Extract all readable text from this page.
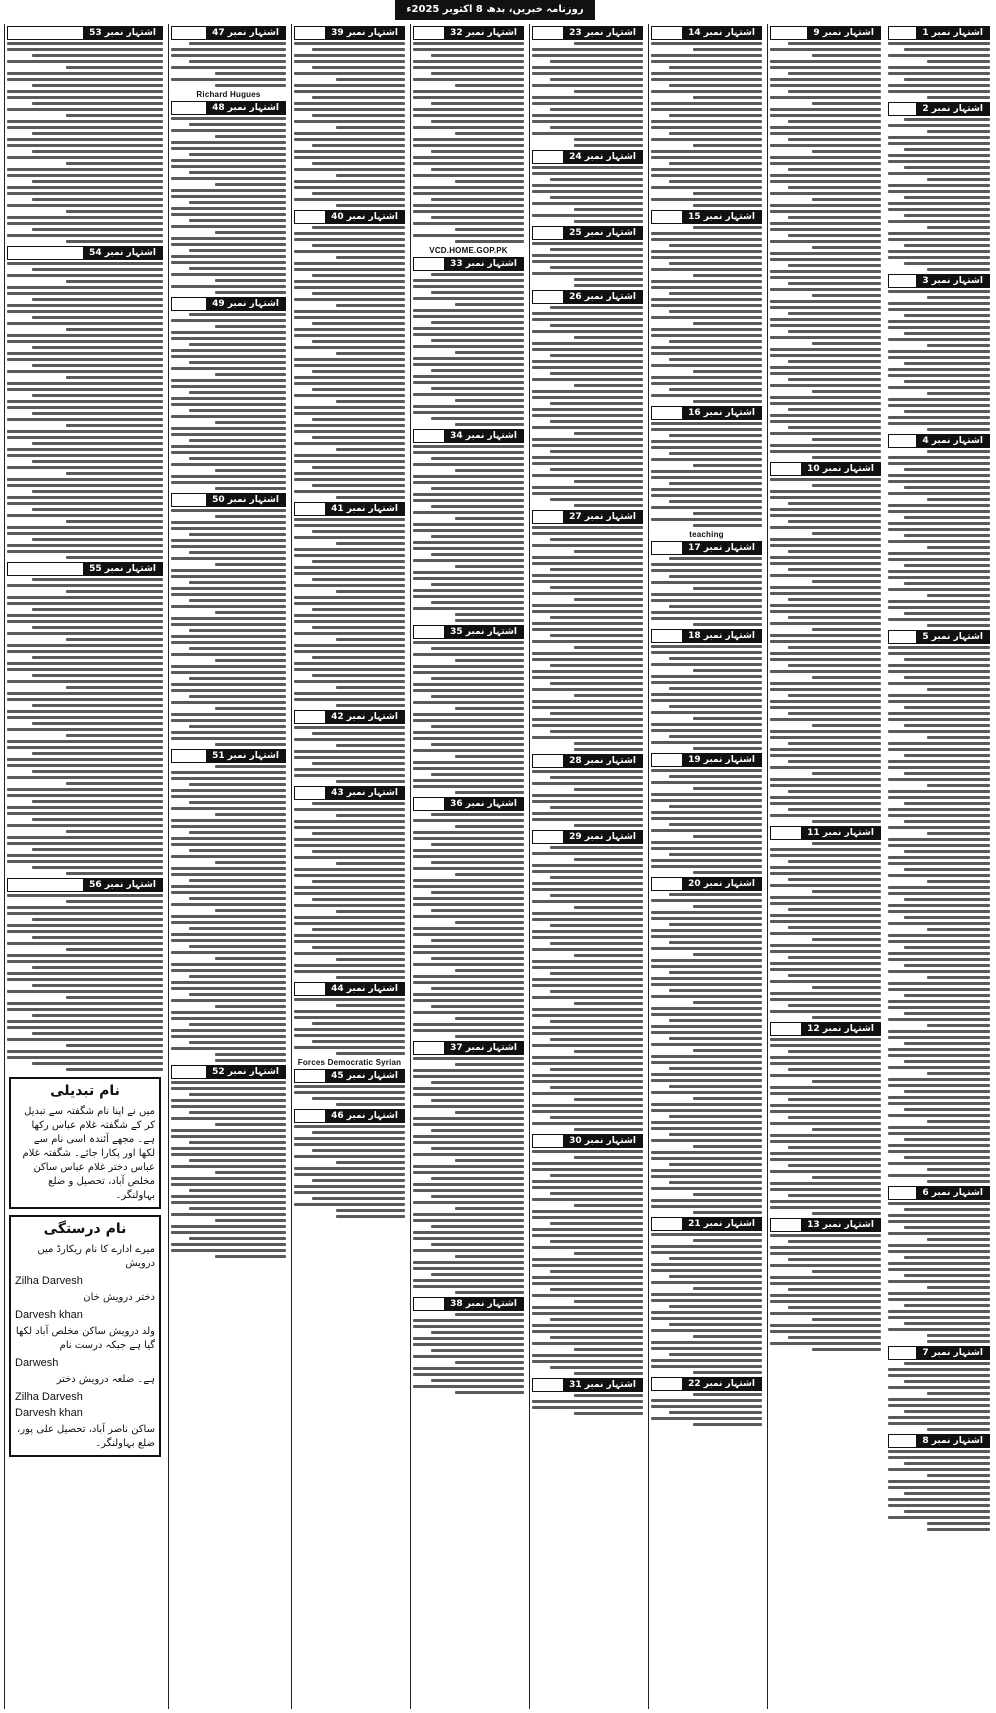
روزنامہ خبریں، بدھ 8 اکتوبر 2025ء
اشتہار نمبر 1
اشتہار نمبر 2
اشتہار نمبر 3
اشتہار نمبر 4
اشتہار نمبر 5
اشتہار نمبر 6
اشتہار نمبر 7
اشتہار نمبر 8
اشتہار نمبر 9
اشتہار نمبر 10
اشتہار نمبر 11
اشتہار نمبر 12
اشتہار نمبر 13
اشتہار نمبر 14
اشتہار نمبر 15
اشتہار نمبر 16
teaching
اشتہار نمبر 17
اشتہار نمبر 18
اشتہار نمبر 19
اشتہار نمبر 20
اشتہار نمبر 21
اشتہار نمبر 22
اشتہار نمبر 23
اشتہار نمبر 24
اشتہار نمبر 25
اشتہار نمبر 26
اشتہار نمبر 27
اشتہار نمبر 28
اشتہار نمبر 29
اشتہار نمبر 30
اشتہار نمبر 31
اشتہار نمبر 32
VCD.HOME.GOP.PK
اشتہار نمبر 33
اشتہار نمبر 34
اشتہار نمبر 35
اشتہار نمبر 36
اشتہار نمبر 37
اشتہار نمبر 38
اشتہار نمبر 39
اشتہار نمبر 40
اشتہار نمبر 41
اشتہار نمبر 42
اشتہار نمبر 43
اشتہار نمبر 44
Forces Democratic Syrian
اشتہار نمبر 45
اشتہار نمبر 46
اشتہار نمبر 47
Richard Hugues
اشتہار نمبر 48
اشتہار نمبر 49
اشتہار نمبر 50
اشتہار نمبر 51
اشتہار نمبر 52
اشتہار نمبر 53
اشتہار نمبر 54
اشتہار نمبر 55
اشتہار نمبر 56
نام تبدیلی
میں نے اپنا نام شگفتہ سے تبدیل کر کے شگفتہ غلام عباس رکھا ہے۔ مجھے آئندہ اسی نام سے لکھا اور پکارا جائے۔ شگفتہ غلام عباس دختر غلام عباس ساکن مخلص آباد، تحصیل و ضلع بہاولنگر۔
نام درستگی
میرے ادارے کا نام ریکارڈ میں درویش
Zilha Darvesh
دختر درویش خان
Darvesh khan
ولد درویش ساکن مخلص آباد لکھا گیا ہے جبکہ درست نام
Darwesh
ہے۔ ضلعہ درویش دختر
Zilha Darvesh
Darvesh khan
ساکن ناصر آباد، تحصیل علی پور، ضلع بہاولنگر۔
